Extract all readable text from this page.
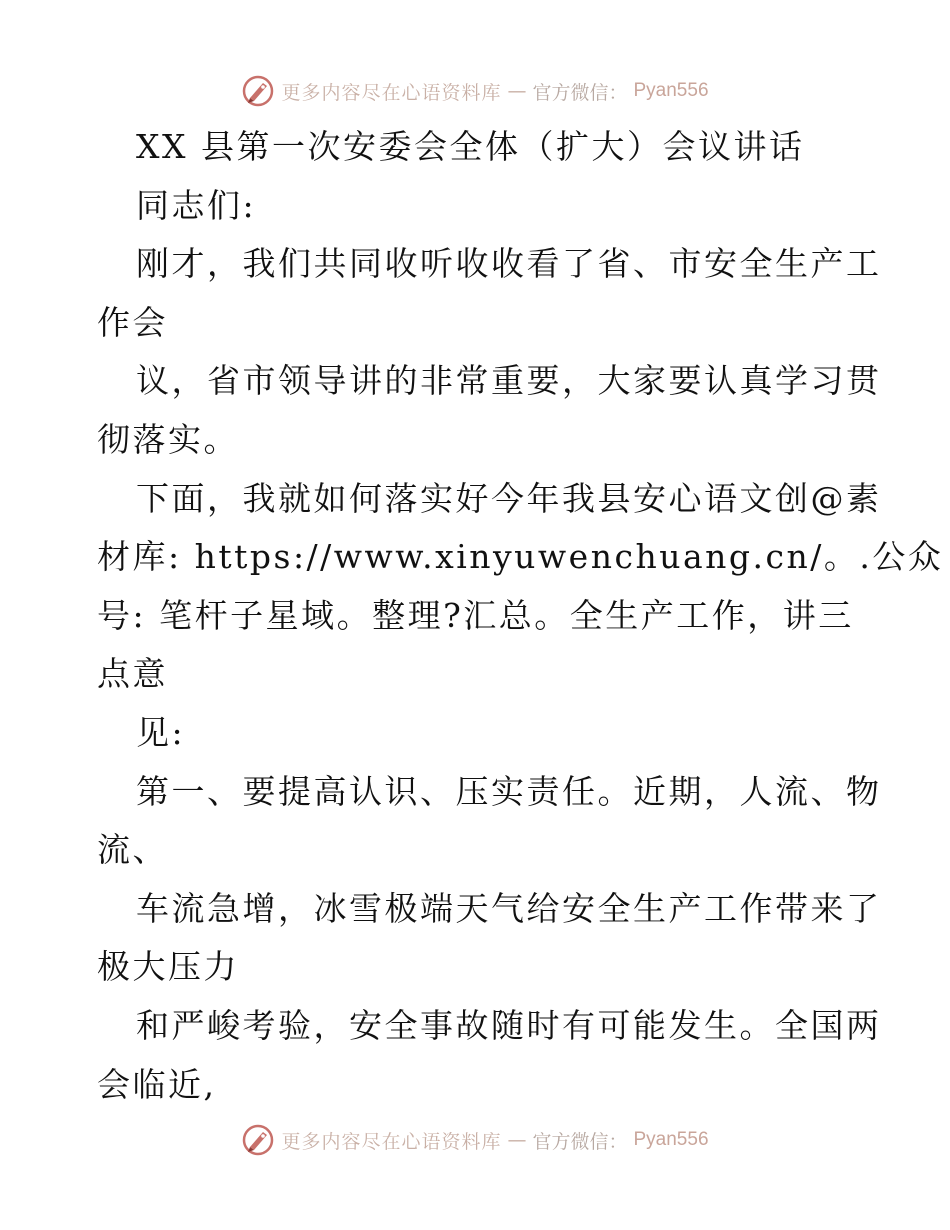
更多内容尽在心语资料库 — 官方微信： Pyan556
XX 县第一次安委会全体（扩大）会议讲话
同志们:
刚才，我们共同收听收收看了省、市安全生产工
作会
议，省市领导讲的非常重要，大家要认真学习贯
彻落实。
下面，我就如何落实好今年我县安心语文创@素
材库: https://www.xinyuwenchuang.cn/。.公众
号: 笔杆子星域。整理?汇总。全生产工作，讲三
点意
见:
第一、要提高认识、压实责任。近期，人流、物
流、
车流急增，冰雪极端天气给安全生产工作带来了
极大压力
和严峻考验，安全事故随时有可能发生。全国两
会临近,
更多内容尽在心语资料库 — 官方微信： Pyan556
